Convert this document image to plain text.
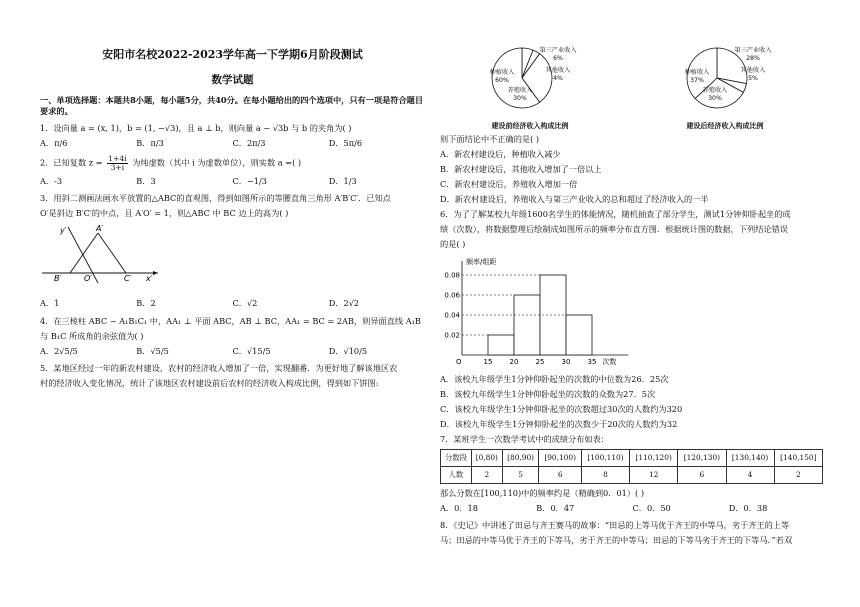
安阳市名校2022-2023学年高一下学期6月阶段测试

数学试题

一、单项选择题：本题共8小题，每小题5分，共40分。在每小题给出的四个选项中，只有一项是符合题目要求的。

1．设向量 a = (x, 1)，b = (1, −√3)，且 a ⊥ b，则向量 a − √3b 与 b 的夹角为( )

A．π/6	B．π/3	C．2π/3	D．5π/6

2．已知复数 $z = \frac{1+4i}{3+i}$ 为纯虚数（其中 i 为虚数单位），则实数 a =( )

A．-3	B．3	C．−1/3	D．1/3

3．用斜二测画法画水平放置的△ABC的直观图，得到如图所示的等腰直角三角形 A′B′C′．已知点

O′是斜边 B′C′的中点，且 A′O′ = 1，则△ABC 中 BC 边上的高为( )

y′	A′
B′	O′	C′ x′
A．1	B．2	C．√2	D．2√2

4．在三棱柱 ABC − A₁B₁C₁ 中，AA₁ ⊥ 平面 ABC，AB ⊥ BC，AA₁ = BC = 2AB，则异面直线 A₁B

与 B₁C 所成角的余弦值为( )

A．2√5/5	B．√5/5	C．√15/5	D．√10/5

5．某地区经过一年的新农村建设，农村的经济收入增加了一倍，实现翻番．为更好地了解该地区农

村的经济收入变化情况，统计了该地区农村建设前后农村的经济收入构成比例，得到如下饼图:

种植收入
60%
第三产业收入
6%
其他收入
4%
养殖收入
30%
建设前经济收入构成比例
种植收入
37%
第三产业收入
28%
其他收入
5%
养殖收入
30%
建设后经济收入构成比例

则下面结论中不正确的是( )

A．新农村建设后，种植收入减少

B．新农村建设后，其他收入增加了一倍以上

C．新农村建设后，养殖收入增加一倍

D．新农村建设后，养殖收入与第三产业收入的总和超过了经济收入的一半

6．为了了解某校九年级1600名学生的体能情况，随机抽查了部分学生，测试1分钟仰卧起坐的成

绩（次数），将数据整理后绘制成如图所示的频率分布直方图．根据统计图的数据，下列结论错误

的是( )

0.02
0.04
0.06
0.08
15 20 25 30 35
O
频率/组距
次数

A．该校九年级学生1分钟仰卧起坐的次数的中位数为26．25次

B．该校九年级学生1分钟仰卧起坐的次数的众数为27．5次

C．该校九年级学生1分钟仰卧起坐的次数超过30次的人数约为320

D．该校九年级学生1分钟仰卧起坐的次数少于20次的人数约为32

7．某班学生一次数学考试中的成绩分布如表：

分数段	[0,80)	[80,90)	[90,100)	[100,110)	[110,120)	[120,130)	[130,140)	[140,150]
人数	2	5	6	8	12	6	4	2

那么分数在[100,110)中的频率约是（精确到0．01）( )

A．0．18	B．0．47	C．0．50	D．0．38

8．《史记》中讲述了田忌与齐王赛马的故事：“田忌的上等马优于齐王的中等马，劣于齐王的上等

马；田忌的中等马优于齐王的下等马，劣于齐王的中等马；田忌的下等马劣于齐王的下等马．”若双
